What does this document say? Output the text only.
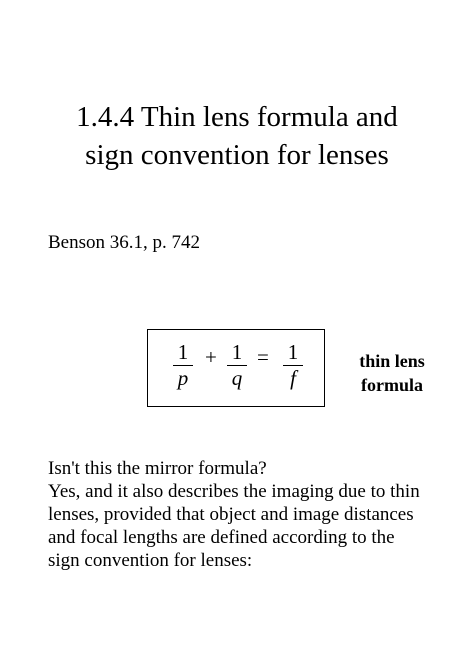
1.4.4 Thin lens formula and
sign convention for lenses
Benson 36.1, p. 742
1
p
+ 1
q
= 1
f
thin lens
formula
Isn't this the mirror formula?
Yes, and it also describes the imaging due to thin
lenses, provided that object and image distances
and focal lengths are defined according to the
sign convention for lenses:
